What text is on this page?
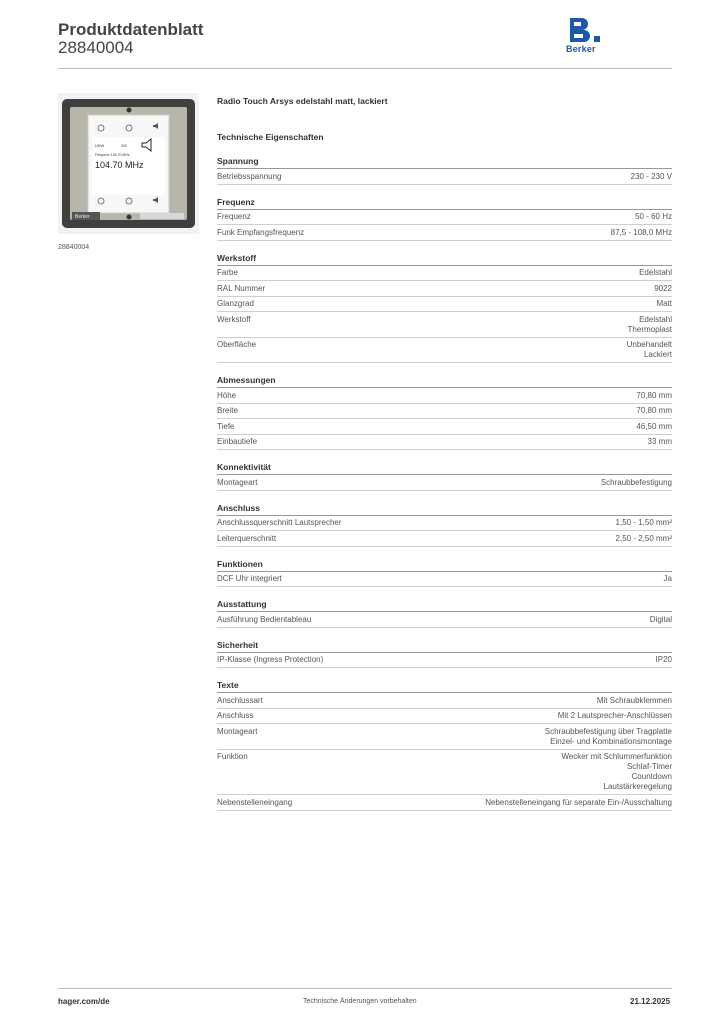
Produktdatenblatt
28840004	Berker
UKW	2/8
Frequenz 104.70 MHz
104.70 MHz
Berker
28840004
Radio Touch Arsys edelstahl matt, lackiert
Technische Eigenschaften
Spannung
Betriebsspannung	230 - 230 V
Frequenz
Frequenz	50 - 60 Hz
Funk Empfangsfrequenz	87,5 - 108,0 MHz
Werkstoff
Farbe	Edelstahl
RAL Nummer	9022
Glanzgrad	Matt
Werkstoff	Edelstahl
Thermoplast
Oberfläche	Unbehandelt
Lackiert
Abmessungen
Höhe	70,80 mm
Breite	70,80 mm
Tiefe	46,50 mm
Einbautiefe	33 mm
Konnektivität
Montageart	Schraubbefestigung
Anschluss
Anschlussquerschnitt Lautsprecher	1,50 - 1,50 mm²
Leiterquerschnitt	2,50 - 2,50 mm²
Funktionen
DCF Uhr integriert	Ja
Ausstattung
Ausführung Bedientableau	Digital
Sicherheit
IP-Klasse (Ingress Protection)	IP20
Texte
Anschlussart	Mit Schraubklemmen
Anschluss	Mit 2 Lautsprecher-Anschlüssen
Montageart	Schraubbefestigung über Tragplatte
Einzel- und Kombinationsmontage
Funktion	Wecker mit Schlummerfunktion
Schlaf-Timer
Countdown
Lautstärkeregelung
Nebenstelleneingang	Nebenstelleneingang für separate Ein-/Ausschaltung
hager.com/de	Technische Änderungen vorbehalten	21.12.2025
